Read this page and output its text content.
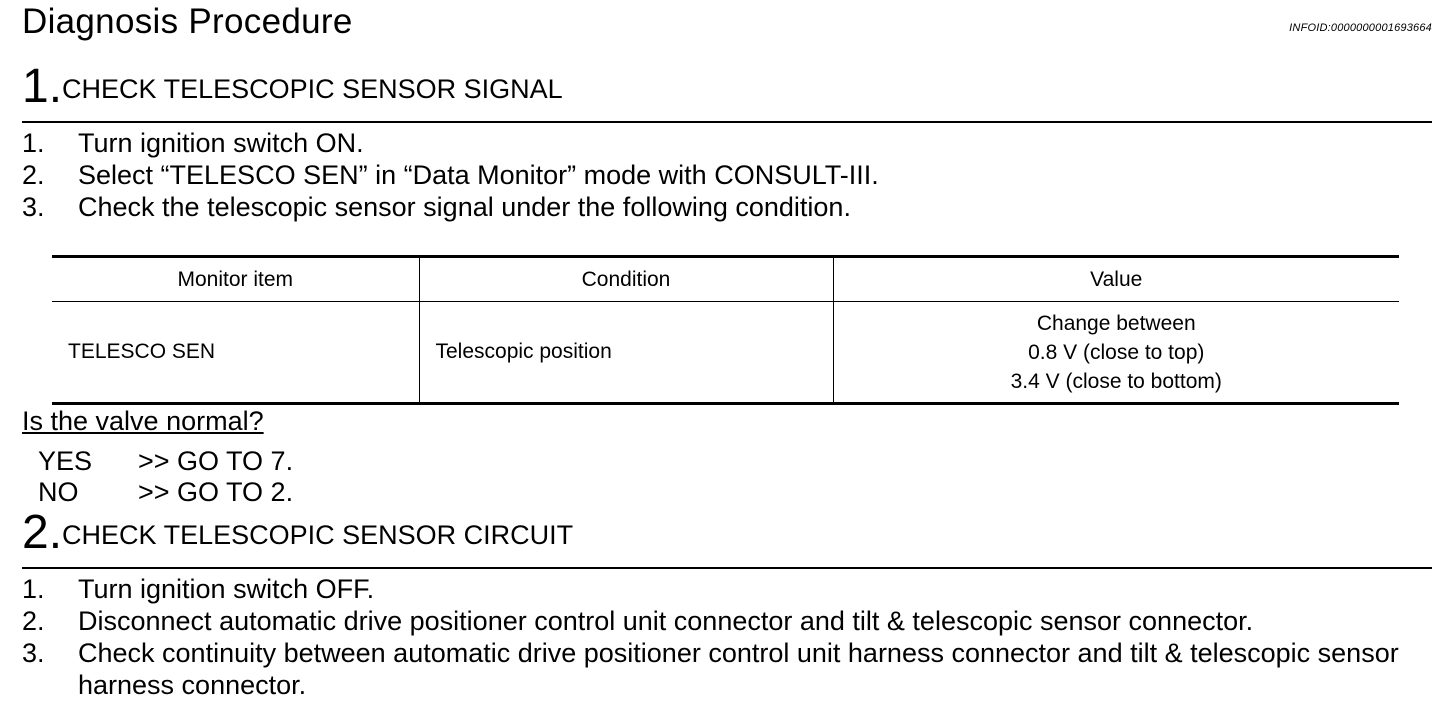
Diagnosis Procedure	INFOID:0000000001693664
1.CHECK TELESCOPIC SENSOR SIGNAL
1. Turn ignition switch ON.
2. Select “TELESCO SEN” in “Data Monitor” mode with CONSULT-III.
3. Check the telescopic sensor signal under the following condition.
Monitor item	Condition	Value
TELESCO SEN	Telescopic position	Change between
0.8 V (close to top)
3.4 V (close to bottom)
Is the valve normal?
YES >> GO TO 7.
NO >> GO TO 2.
2.CHECK TELESCOPIC SENSOR CIRCUIT
1. Turn ignition switch OFF.
2. Disconnect automatic drive positioner control unit connector and tilt & telescopic sensor connector.
3. Check continuity between automatic drive positioner control unit harness connector and tilt & telescopic sensor harness connector.
